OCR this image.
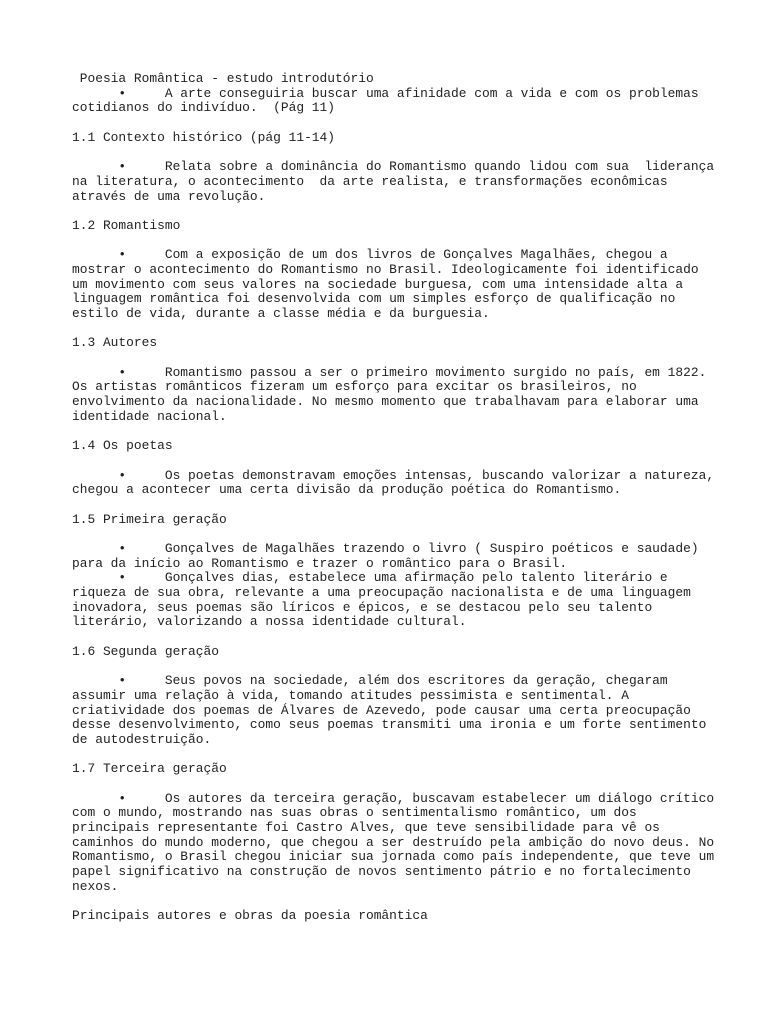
Poesia Romântica - estudo introdutório
•     A arte conseguiria buscar uma afinidade com a vida e com os problemas
cotidianos do indivíduo.  (Pág 11)
1.1 Contexto histórico (pág 11-14)
•     Relata sobre a dominância do Romantismo quando lidou com sua  liderança
na literatura, o acontecimento  da arte realista, e transformações econômicas
através de uma revolução.
1.2 Romantismo
•     Com a exposição de um dos livros de Gonçalves Magalhães, chegou a
mostrar o acontecimento do Romantismo no Brasil. Ideologicamente foi identificado
um movimento com seus valores na sociedade burguesa, com uma intensidade alta a
linguagem romântica foi desenvolvida com um simples esforço de qualificação no
estilo de vida, durante a classe média e da burguesia.
1.3 Autores
•     Romantismo passou a ser o primeiro movimento surgido no país, em 1822.
Os artistas românticos fizeram um esforço para excitar os brasileiros, no
envolvimento da nacionalidade. No mesmo momento que trabalhavam para elaborar uma
identidade nacional.
1.4 Os poetas
•     Os poetas demonstravam emoções intensas, buscando valorizar a natureza,
chegou a acontecer uma certa divisão da produção poética do Romantismo.
1.5 Primeira geração
•     Gonçalves de Magalhães trazendo o livro ( Suspiro poéticos e saudade)
para da início ao Romantismo e trazer o romântico para o Brasil.
•     Gonçalves dias, estabelece uma afirmação pelo talento literário e
riqueza de sua obra, relevante a uma preocupação nacionalista e de uma linguagem
inovadora, seus poemas são líricos e épicos, e se destacou pelo seu talento
literário, valorizando a nossa identidade cultural.
1.6 Segunda geração
•     Seus povos na sociedade, além dos escritores da geração, chegaram
assumir uma relação à vida, tomando atitudes pessimista e sentimental. A
criatividade dos poemas de Álvares de Azevedo, pode causar uma certa preocupação
desse desenvolvimento, como seus poemas transmiti uma ironia e um forte sentimento
de autodestruição.
1.7 Terceira geração
•     Os autores da terceira geração, buscavam estabelecer um diálogo crítico
com o mundo, mostrando nas suas obras o sentimentalismo romântico, um dos
principais representante foi Castro Alves, que teve sensibilidade para vê os
caminhos do mundo moderno, que chegou a ser destruído pela ambição do novo deus. No
Romantismo, o Brasil chegou iniciar sua jornada como país independente, que teve um
papel significativo na construção de novos sentimento pátrio e no fortalecimento
nexos.
Principais autores e obras da poesia romântica
